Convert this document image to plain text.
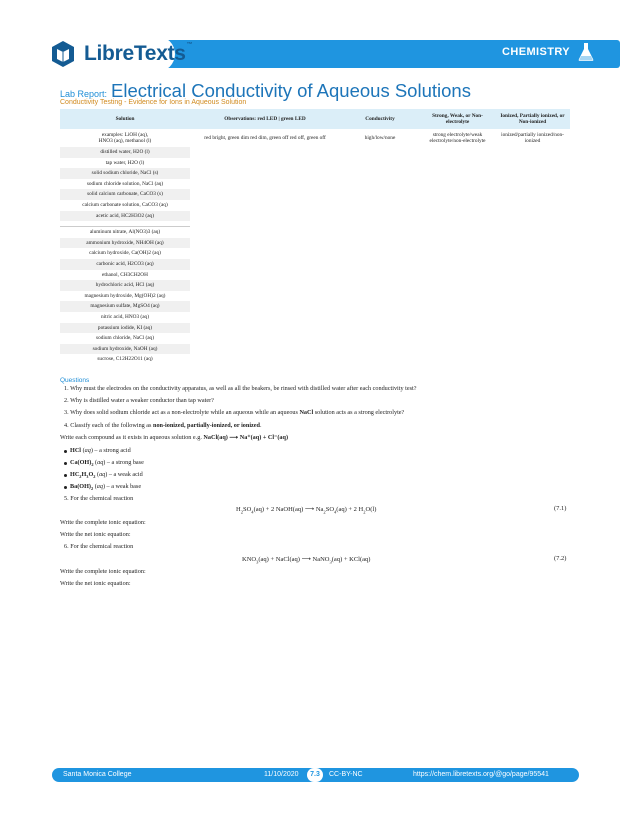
LibreTexts™
CHEMISTRY
Lab Report: Electrical Conductivity of Aqueous Solutions
Conductivity Testing - Evidence for Ions in Aqueous Solution
Solution	Observations: red LED | green LED	Conductivity	Strong, Weak, or Non-electrolyte	Ionized, Partially ionized, or Non-ionized
examples: LiOH (aq),
HNO3 (aq), methanol (l)	red bright, green dim red dim, green off red off, green off	high/low/none	strong electrolyte/weak electrolyte/non-electrolyte	ionized/partially ionized/non-ionized
distilled water, H2O (l)				
tap water, H2O (l)				
solid sodium chloride, NaCl (s)				
sodium chloride solution, NaCl (aq)				
solid calcium carbonate, CaCO3 (s)				
calcium carbonate solution, CaCO3 (aq)				
acetic acid, HC2H3O2 (aq)				

aluminum nitrate, Al(NO3)3 (aq)				
ammonium hydroxide, NH4OH (aq)				
calcium hydroxide, Ca(OH)2 (aq)				
carbonic acid, H2CO3 (aq)				
ethanol, CH3CH2OH				
hydrochloric acid, HCl (aq)				
magnesium hydroxide, Mg(OH)2 (aq)				
magnesium sulfate, MgSO4 (aq)				
nitric acid, HNO3 (aq)				
potassium iodide, KI (aq)				
sodium chloride, NaCl (aq)				
sodium hydroxide, NaOH (aq)				
sucrose, C12H22O11 (aq)				
Questions
1. Why must the electrodes on the conductivity apparatus, as well as all the beakers, be rinsed with distilled water after each conductivity test?
2. Why is distilled water a weaker conductor than tap water?
3. Why does solid sodium chloride act as a non-electrolyte while an aqueous while an aqueous NaCl solution acts as a strong electrolyte?
4. Classify each of the following as non-ionized, partially-ionized, or ionized.
Write each compound as it exists in aqueous solution e.g. NaCl(aq) ⟶ Na⁺(aq) + Cl⁻(aq)
HCl (aq) – a strong acid
$Ca(OH)_2$ (aq) – a strong base
$HC_2H_3O_2$ (aq) – a weak acid
$Ba(OH)_2$ (aq) – a weak base
5. For the chemical reaction
$H_2SO_4(aq) + 2$ NaOH(aq) ⟶ $Na_2SO_4(aq) + 2$ $H_2O(l)$	(7.1)
Write the complete ionic equation:
Write the net ionic equation:
6. For the chemical reaction
$KNO_3(aq)$ + NaCl(aq) ⟶ NaNO$_3$(aq) + KCl(aq)	(7.2)
Write the complete ionic equation:
Write the net ionic equation:
Santa Monica College	11/10/2020	7.3	CC-BY-NC	https://chem.libretexts.org/@go/page/95541
